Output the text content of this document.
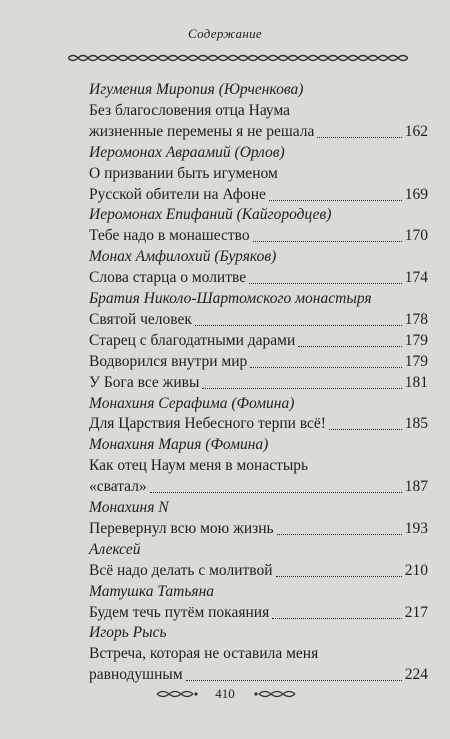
Содержание
Игумения Миропия (Юрченкова)
Без благословения отца Наума
жизненные перемены я не решала	162
Иеромонах Авраамий (Орлов)
О призвании быть игуменом
Русской обители на Афоне	169
Иеромонах Епифаний (Кайгородцев)
Тебе надо в монашество	170
Монах Амфилохий (Буряков)
Слова старца о молитве	174
Братия Николо-Шартомского монастыря
Святой человек	178
Старец с благодатными дарами	179
Водворился внутри мир	179
У Бога все живы	181
Монахиня Серафима (Фомина)
Для Царствия Небесного терпи всё!	185
Монахиня Мария (Фомина)
Как отец Наум меня в монастырь
«сватал»	187
Монахиня N
Перевернул всю мою жизнь	193
Алексей
Всё надо делать с молитвой	210
Матушка Татьяна
Будем течь путём покаяния	217
Игорь Рысь
Встреча, которая не оставила меня
равнодушным	224
410
